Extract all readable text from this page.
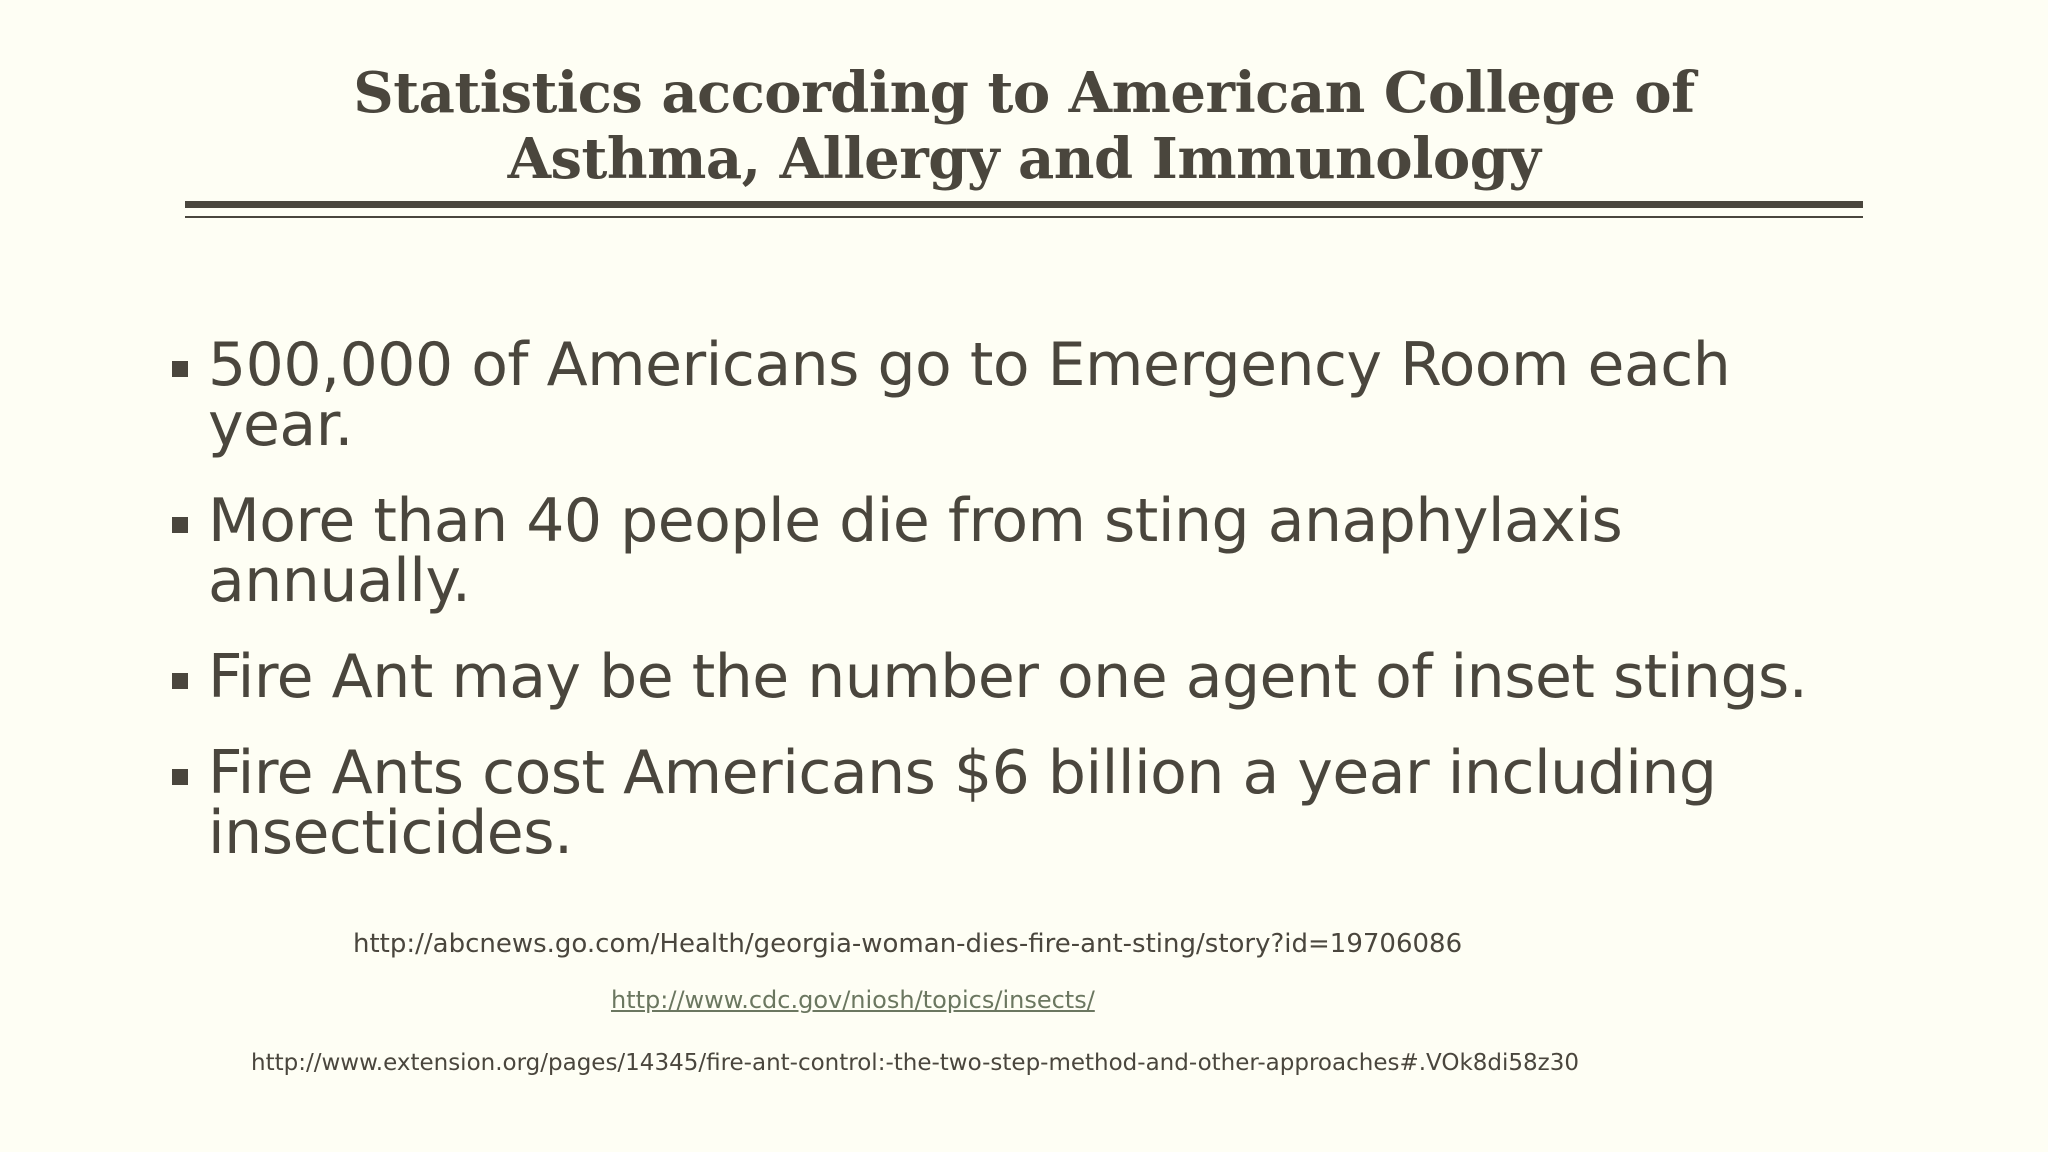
Statistics according to American College of
Asthma, Allergy and Immunology
500,000 of Americans go to Emergency Room each year.
More than 40 people die from sting anaphylaxis annually.
Fire Ant may be the number one agent of inset stings.
Fire Ants cost Americans $6 billion a year including insecticides.
http://abcnews.go.com/Health/georgia-woman-dies-fire-ant-sting/story?id=19706086
http://www.cdc.gov/niosh/topics/insects/
http://www.extension.org/pages/14345/fire-ant-control:-the-two-step-method-and-other-approaches#.VOk8di58z30
